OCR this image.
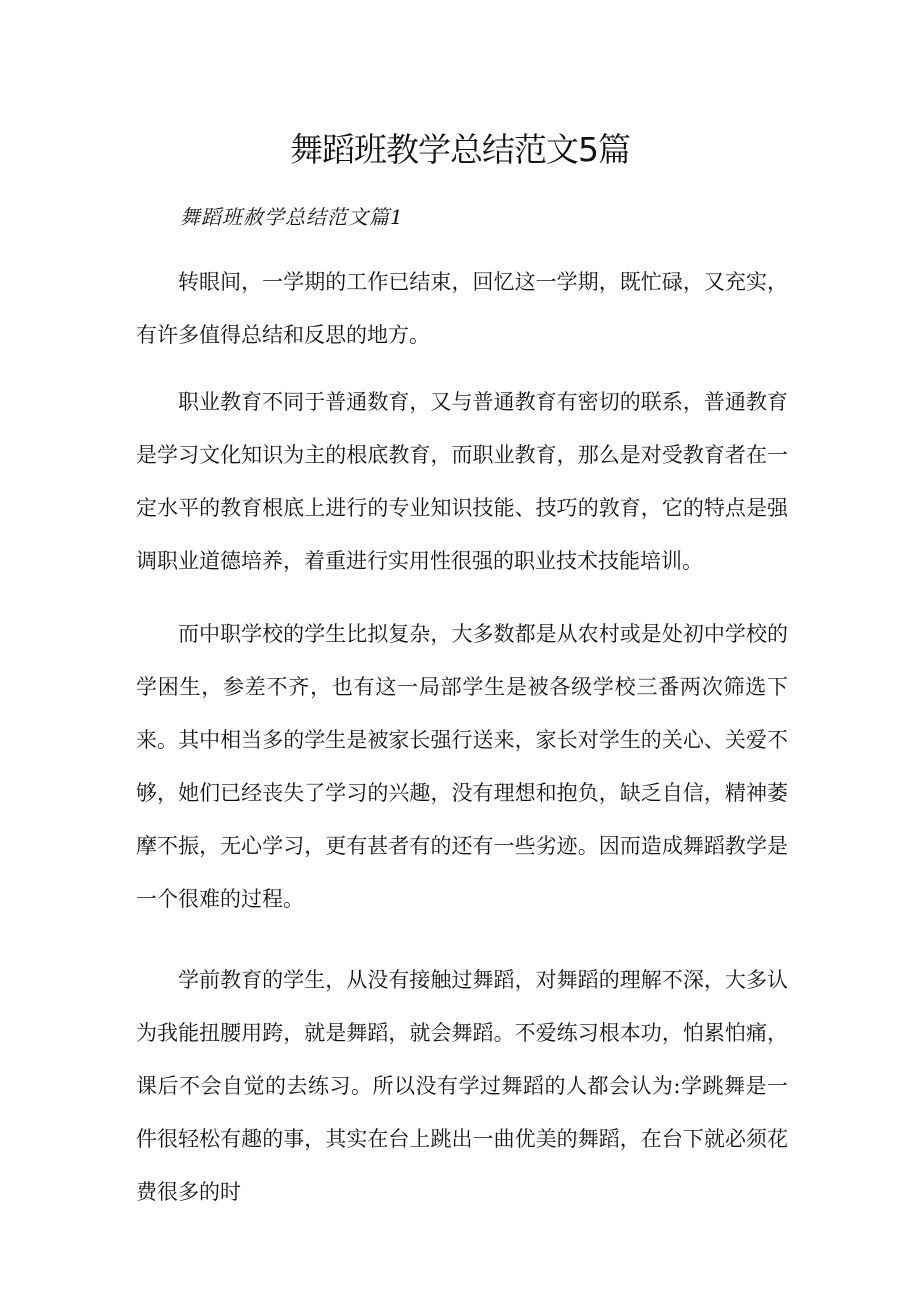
舞蹈班教学总结范文5篇
舞蹈班赦学总结范文篇1

转眼间，一学期的工作已结束，回忆这一学期，既忙碌，又充实，有许多值得总结和反思的地方。

职业教育不同于普通数育，又与普通教育有密切的联系，普通教育是学习文化知识为主的根底教育，而职业教育，那么是对受教育者在一定水平的教育根底上进行的专业知识技能、技巧的敦育，它的特点是强调职业道德培养，着重进行实用性很强的职业技术技能培训。

而中职学校的学生比拟复杂，大多数都是从农村或是处初中学校的学困生，参差不齐，也有这一局部学生是被各级学校三番两次筛选下来。其中相当多的学生是被家长强行送来，家长对学生的关心、关爱不够，她们已经丧失了学习的兴趣，没有理想和抱负，缺乏自信，精神萎摩不振，无心学习，更有甚者有的还有一些劣迹。因而造成舞蹈教学是一个很难的过程。

学前教育的学生，从没有接触过舞蹈，对舞蹈的理解不深，大多认为我能扭腰用跨，就是舞蹈，就会舞蹈。不爱练习根本功，怕累怕痛，课后不会自觉的去练习。所以没有学过舞蹈的人都会认为:学跳舞是一件很轻松有趣的事，其实在台上跳出一曲优美的舞蹈，在台下就必须花费很多的时
